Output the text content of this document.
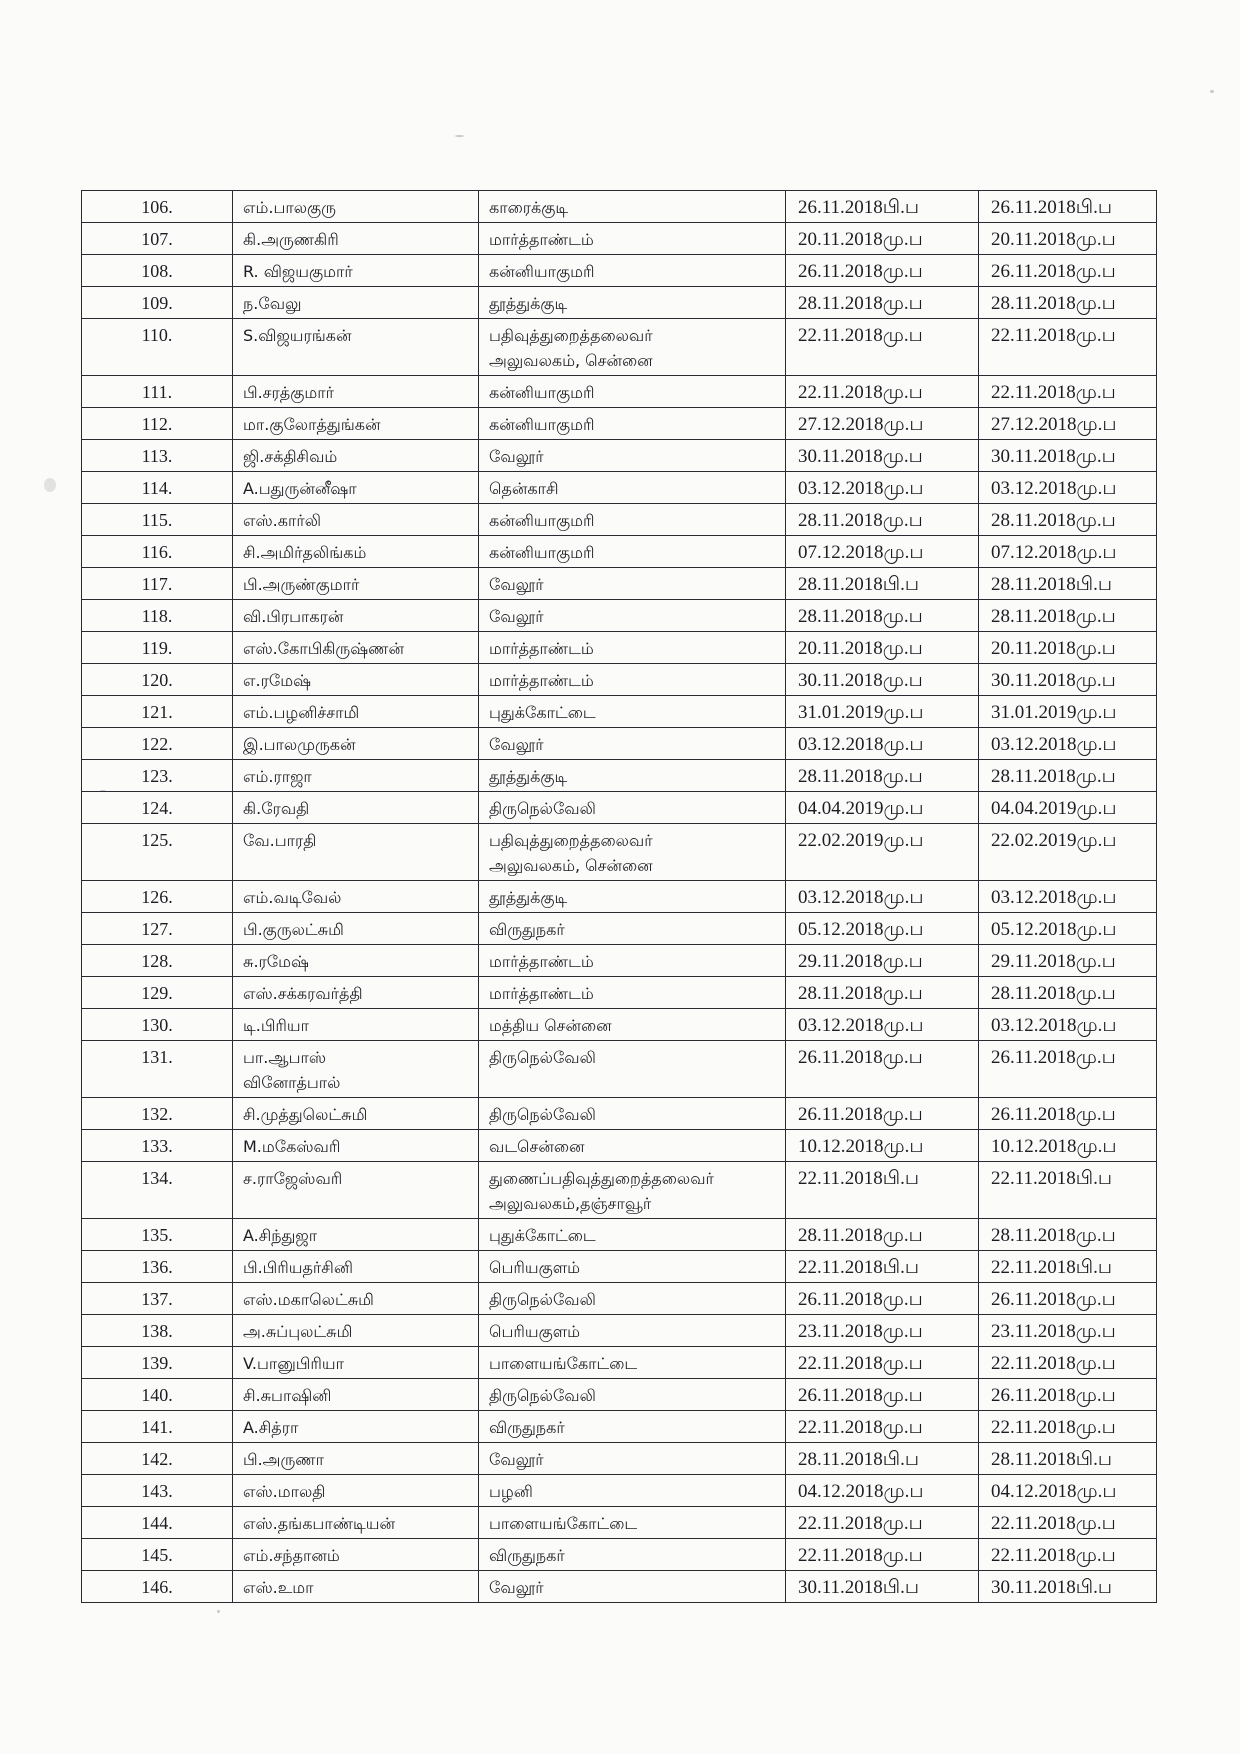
106.	எம்.பாலகுரு	காரைக்குடி	26.11.2018பி.ப	26.11.2018பி.ப
107.	கி.அருணகிரி	மார்த்தாண்டம்	20.11.2018மு.ப	20.11.2018மு.ப
108.	R. விஜயகுமார்	கன்னியாகுமரி	26.11.2018மு.ப	26.11.2018மு.ப
109.	ந.வேலு	தூத்துக்குடி	28.11.2018மு.ப	28.11.2018மு.ப
110.	S.விஜயரங்கன்	பதிவுத்துறைத்தலைவர்
அலுவலகம், சென்னை	22.11.2018மு.ப	22.11.2018மு.ப
111.	பி.சரத்குமார்	கன்னியாகுமரி	22.11.2018மு.ப	22.11.2018மு.ப
112.	மா.குலோத்துங்கன்	கன்னியாகுமரி	27.12.2018மு.ப	27.12.2018மு.ப
113.	ஜி.சக்திசிவம்	வேலூர்	30.11.2018மு.ப	30.11.2018மு.ப
114.	A.பதுருன்னீஷா	தென்காசி	03.12.2018மு.ப	03.12.2018மு.ப
115.	எஸ்.கார்லி	கன்னியாகுமரி	28.11.2018மு.ப	28.11.2018மு.ப
116.	சி.அமிர்தலிங்கம்	கன்னியாகுமரி	07.12.2018மு.ப	07.12.2018மு.ப
117.	பி.அருண்குமார்	வேலூர்	28.11.2018பி.ப	28.11.2018பி.ப
118.	வி.பிரபாகரன்	வேலூர்	28.11.2018மு.ப	28.11.2018மு.ப
119.	எஸ்.கோபிகிருஷ்ணன்	மார்த்தாண்டம்	20.11.2018மு.ப	20.11.2018மு.ப
120.	எ.ரமேஷ்	மார்த்தாண்டம்	30.11.2018மு.ப	30.11.2018மு.ப
121.	எம்.பழனிச்சாமி	புதுக்கோட்டை	31.01.2019மு.ப	31.01.2019மு.ப
122.	இ.பாலமுருகன்	வேலூர்	03.12.2018மு.ப	03.12.2018மு.ப
123.	எம்.ராஜா	தூத்துக்குடி	28.11.2018மு.ப	28.11.2018மு.ப
124.	கி.ரேவதி	திருநெல்வேலி	04.04.2019மு.ப	04.04.2019மு.ப
125.	வே.பாரதி	பதிவுத்துறைத்தலைவர்
அலுவலகம், சென்னை	22.02.2019மு.ப	22.02.2019மு.ப
126.	எம்.வடிவேல்	தூத்துக்குடி	03.12.2018மு.ப	03.12.2018மு.ப
127.	பி.குருலட்சுமி	விருதுநகர்	05.12.2018மு.ப	05.12.2018மு.ப
128.	சு.ரமேஷ்	மார்த்தாண்டம்	29.11.2018மு.ப	29.11.2018மு.ப
129.	எஸ்.சக்கரவர்த்தி	மார்த்தாண்டம்	28.11.2018மு.ப	28.11.2018மு.ப
130.	டி.பிரியா	மத்திய சென்னை	03.12.2018மு.ப	03.12.2018மு.ப
131.	பா.ஆபாஸ்
வினோத்பால்	திருநெல்வேலி	26.11.2018மு.ப	26.11.2018மு.ப
132.	சி.முத்துலெட்சுமி	திருநெல்வேலி	26.11.2018மு.ப	26.11.2018மு.ப
133.	M.மகேஸ்வரி	வடசென்னை	10.12.2018மு.ப	10.12.2018மு.ப
134.	ச.ராஜேஸ்வரி	துணைப்பதிவுத்துறைத்தலைவர்
அலுவலகம்,தஞ்சாவூர்	22.11.2018பி.ப	22.11.2018பி.ப
135.	A.சிந்துஜா	புதுக்கோட்டை	28.11.2018மு.ப	28.11.2018மு.ப
136.	பி.பிரியதர்சினி	பெரியகுளம்	22.11.2018பி.ப	22.11.2018பி.ப
137.	எஸ்.மகாலெட்சுமி	திருநெல்வேலி	26.11.2018மு.ப	26.11.2018மு.ப
138.	அ.சுப்புலட்சுமி	பெரியகுளம்	23.11.2018மு.ப	23.11.2018மு.ப
139.	V.பானுபிரியா	பாளையங்கோட்டை	22.11.2018மு.ப	22.11.2018மு.ப
140.	சி.சுபாஷினி	திருநெல்வேலி	26.11.2018மு.ப	26.11.2018மு.ப
141.	A.சித்ரா	விருதுநகர்	22.11.2018மு.ப	22.11.2018மு.ப
142.	பி.அருணா	வேலூர்	28.11.2018பி.ப	28.11.2018பி.ப
143.	எஸ்.மாலதி	பழனி	04.12.2018மு.ப	04.12.2018மு.ப
144.	எஸ்.தங்கபாண்டியன்	பாளையங்கோட்டை	22.11.2018மு.ப	22.11.2018மு.ப
145.	எம்.சந்தானம்	விருதுநகர்	22.11.2018மு.ப	22.11.2018மு.ப
146.	எஸ்.உமா	வேலூர்	30.11.2018பி.ப	30.11.2018பி.ப
